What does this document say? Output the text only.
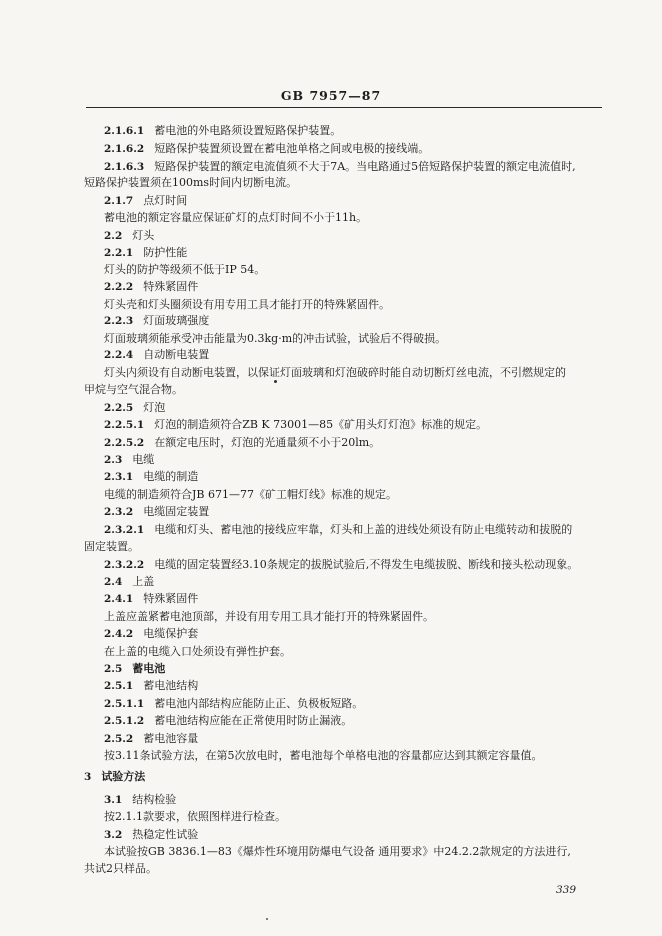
GB 7957—87
2.1.6.1 蓄电池的外电路须设置短路保护装置。
2.1.6.2 短路保护装置须设置在蓄电池单格之间或电极的接线端。
2.1.6.3 短路保护装置的额定电流值须不大于7A。当电路通过5倍短路保护装置的额定电流值时,
短路保护装置须在100ms时间内切断电流。
2.1.7 点灯时间
蓄电池的额定容量应保证矿灯的点灯时间不小于11h。
2.2 灯头
2.2.1 防护性能
灯头的防护等级须不低于IP 54。
2.2.2 特殊紧固件
灯头壳和灯头圈须设有用专用工具才能打开的特殊紧固件。
2.2.3 灯面玻璃强度
灯面玻璃须能承受冲击能量为0.3kg·m的冲击试验，试验后不得破损。
2.2.4 自动断电装置
灯头内须设有自动断电装置，以保证灯面玻璃和灯泡破碎时能自动切断灯丝电流，不引燃规定的
甲烷与空气混合物。
2.2.5 灯泡
2.2.5.1 灯泡的制造须符合ZB K 73001—85《矿用头灯灯泡》标准的规定。
2.2.5.2 在额定电压时，灯泡的光通量须不小于20lm。
2.3 电缆
2.3.1 电缆的制造
电缆的制造须符合JB 671—77《矿工帽灯线》标准的规定。
2.3.2 电缆固定装置
2.3.2.1 电缆和灯头、蓄电池的接线应牢靠，灯头和上盖的进线处须设有防止电缆转动和拔脱的
固定装置。
2.3.2.2 电缆的固定装置经3.10条规定的拔脱试验后,不得发生电缆拔脱、断线和接头松动现象。
2.4 上盖
2.4.1 特殊紧固件
上盖应盖紧蓄电池顶部，并设有用专用工具才能打开的特殊紧固件。
2.4.2 电缆保护套
在上盖的电缆入口处须设有弹性护套。
2.5 蓄电池
2.5.1 蓄电池结构
2.5.1.1 蓄电池内部结构应能防止正、负极板短路。
2.5.1.2 蓄电池结构应能在正常使用时防止漏液。
2.5.2 蓄电池容量
按3.11条试验方法，在第5次放电时，蓄电池每个单格电池的容量都应达到其额定容量值。
3 试验方法
3.1 结构检验
按2.1.1款要求，依照图样进行检查。
3.2 热稳定性试验
本试验按GB 3836.1—83《爆炸性环境用防爆电气设备 通用要求》中24.2.2款规定的方法进行,
共试2只样品。
339
